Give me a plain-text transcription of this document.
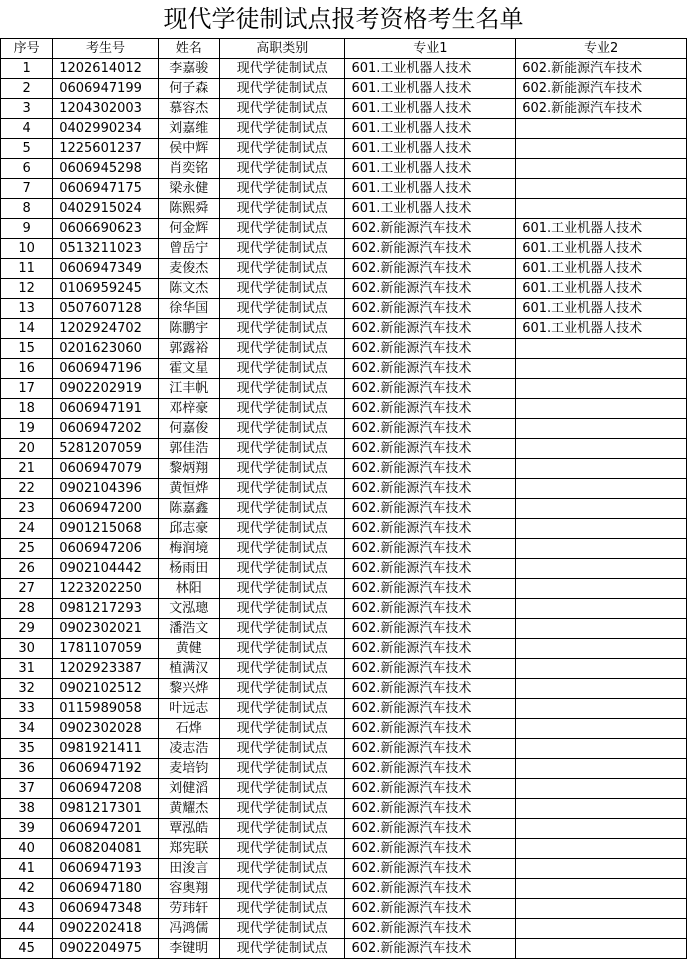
现代学徒制试点报考资格考生名单
序号	考生号	姓名	高职类别	专业1	专业2
1	1202614012	李嘉骏	现代学徒制试点	601.工业机器人技术	602.新能源汽车技术
2	0606947199	何子森	现代学徒制试点	601.工业机器人技术	602.新能源汽车技术
3	1204302003	慕容杰	现代学徒制试点	601.工业机器人技术	602.新能源汽车技术
4	0402990234	刘嘉维	现代学徒制试点	601.工业机器人技术	
5	1225601237	侯中辉	现代学徒制试点	601.工业机器人技术	
6	0606945298	肖奕铭	现代学徒制试点	601.工业机器人技术	
7	0606947175	梁永健	现代学徒制试点	601.工业机器人技术	
8	0402915024	陈熙舜	现代学徒制试点	601.工业机器人技术	
9	0606690623	何金辉	现代学徒制试点	602.新能源汽车技术	601.工业机器人技术
10	0513211023	曾岳宁	现代学徒制试点	602.新能源汽车技术	601.工业机器人技术
11	0606947349	麦俊杰	现代学徒制试点	602.新能源汽车技术	601.工业机器人技术
12	0106959245	陈文杰	现代学徒制试点	602.新能源汽车技术	601.工业机器人技术
13	0507607128	徐华国	现代学徒制试点	602.新能源汽车技术	601.工业机器人技术
14	1202924702	陈鹏宇	现代学徒制试点	602.新能源汽车技术	601.工业机器人技术
15	0201623060	郭露裕	现代学徒制试点	602.新能源汽车技术	
16	0606947196	霍文星	现代学徒制试点	602.新能源汽车技术	
17	0902202919	江丰帆	现代学徒制试点	602.新能源汽车技术	
18	0606947191	邓梓豪	现代学徒制试点	602.新能源汽车技术	
19	0606947202	何嘉俊	现代学徒制试点	602.新能源汽车技术	
20	5281207059	郭佳浩	现代学徒制试点	602.新能源汽车技术	
21	0606947079	黎炳翔	现代学徒制试点	602.新能源汽车技术	
22	0902104396	黄恒烨	现代学徒制试点	602.新能源汽车技术	
23	0606947200	陈嘉鑫	现代学徒制试点	602.新能源汽车技术	
24	0901215068	邱志豪	现代学徒制试点	602.新能源汽车技术	
25	0606947206	梅润境	现代学徒制试点	602.新能源汽车技术	
26	0902104442	杨雨田	现代学徒制试点	602.新能源汽车技术	
27	1223202250	林阳	现代学徒制试点	602.新能源汽车技术	
28	0981217293	文泓璁	现代学徒制试点	602.新能源汽车技术	
29	0902302021	潘浩文	现代学徒制试点	602.新能源汽车技术	
30	1781107059	黄健	现代学徒制试点	602.新能源汽车技术	
31	1202923387	植满汉	现代学徒制试点	602.新能源汽车技术	
32	0902102512	黎兴烨	现代学徒制试点	602.新能源汽车技术	
33	0115989058	叶远志	现代学徒制试点	602.新能源汽车技术	
34	0902302028	石烨	现代学徒制试点	602.新能源汽车技术	
35	0981921411	凌志浩	现代学徒制试点	602.新能源汽车技术	
36	0606947192	麦培钧	现代学徒制试点	602.新能源汽车技术	
37	0606947208	刘健滔	现代学徒制试点	602.新能源汽车技术	
38	0981217301	黄耀杰	现代学徒制试点	602.新能源汽车技术	
39	0606947201	覃泓皓	现代学徒制试点	602.新能源汽车技术	
40	0608204081	郑宪联	现代学徒制试点	602.新能源汽车技术	
41	0606947193	田浚言	现代学徒制试点	602.新能源汽车技术	
42	0606947180	容奥翔	现代学徒制试点	602.新能源汽车技术	
43	0606947348	劳玮轩	现代学徒制试点	602.新能源汽车技术	
44	0902202418	冯鸿儒	现代学徒制试点	602.新能源汽车技术	
45	0902204975	李键明	现代学徒制试点	602.新能源汽车技术	
